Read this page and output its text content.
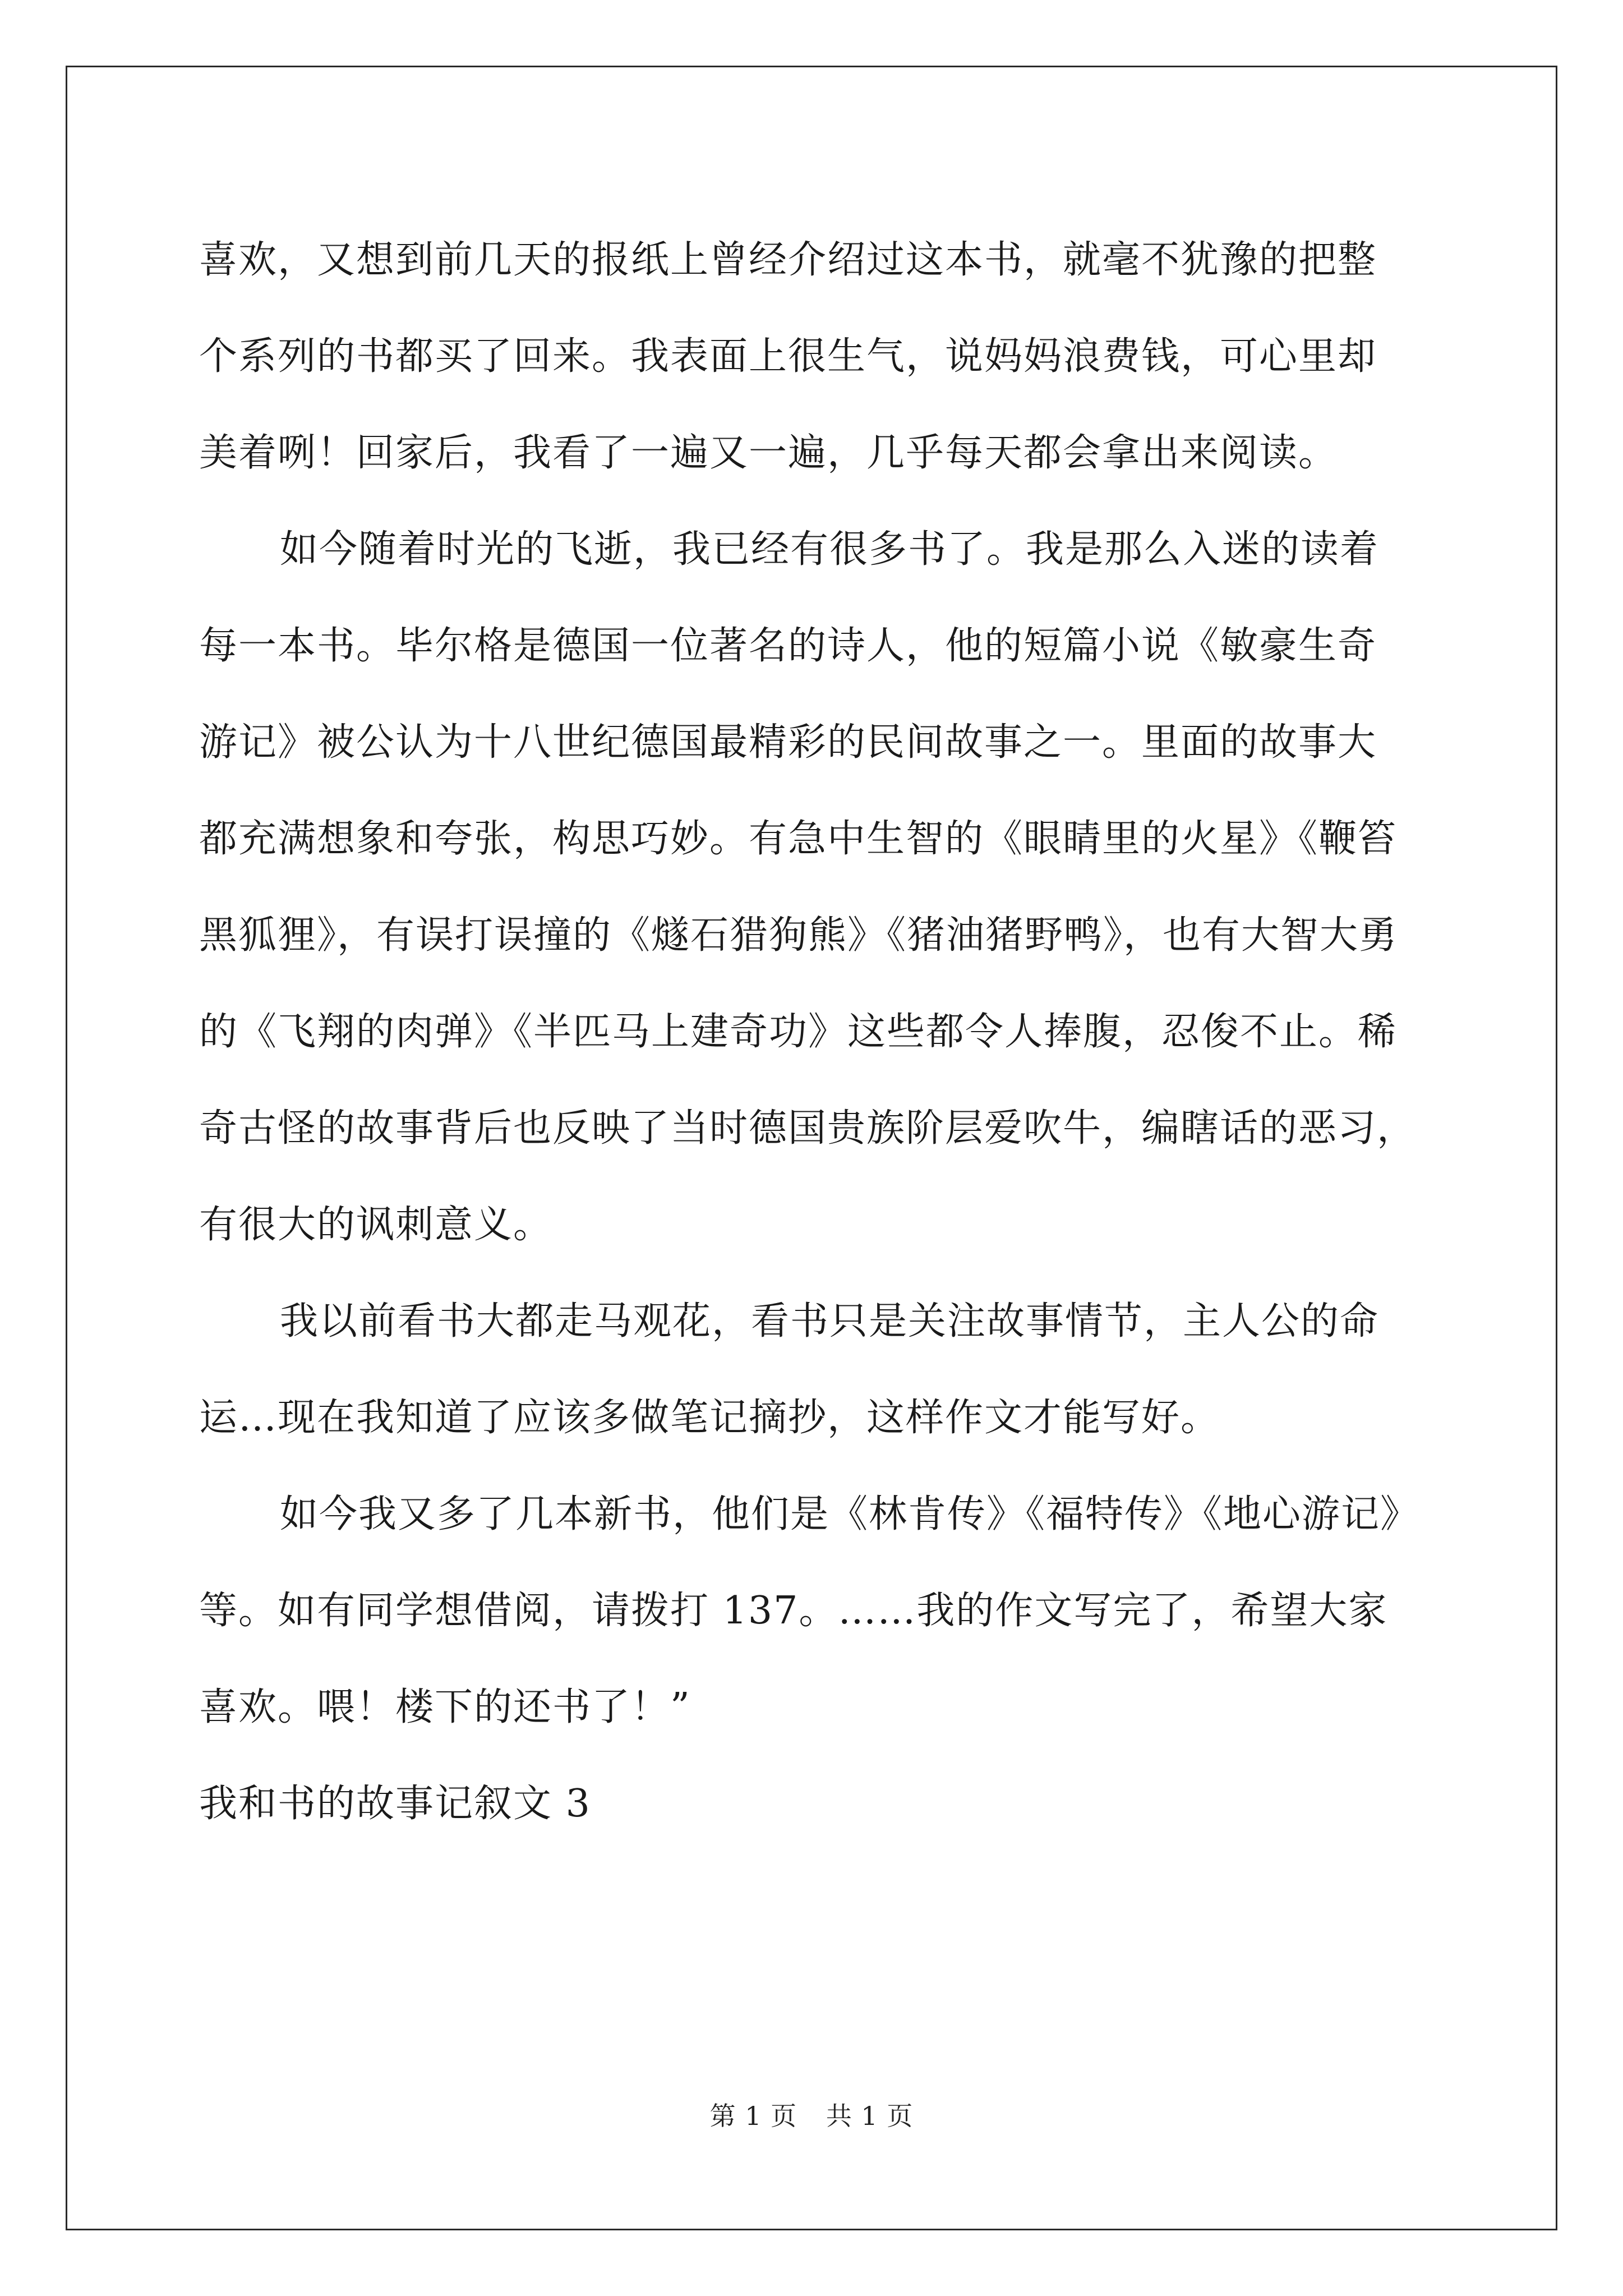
喜欢，又想到前几天的报纸上曾经介绍过这本书，就毫不犹豫的把整
个系列的书都买了回来。我表面上很生气，说妈妈浪费钱，可心里却
美着咧！回家后，我看了一遍又一遍，几乎每天都会拿出来阅读。

如今随着时光的飞逝，我已经有很多书了。我是那么入迷的读着
每一本书。毕尔格是德国一位著名的诗人，他的短篇小说《敏豪生奇
游记》被公认为十八世纪德国最精彩的民间故事之一。里面的故事大
都充满想象和夸张，构思巧妙。有急中生智的《眼睛里的火星》《鞭笞
黑狐狸》，有误打误撞的《燧石猎狗熊》《猪油猪野鸭》，也有大智大勇
的《飞翔的肉弹》《半匹马上建奇功》这些都令人捧腹，忍俊不止。稀
奇古怪的故事背后也反映了当时德国贵族阶层爱吹牛，编瞎话的恶习，
有很大的讽刺意义。

我以前看书大都走马观花，看书只是关注故事情节，主人公的命
运…现在我知道了应该多做笔记摘抄，这样作文才能写好。

如今我又多了几本新书，他们是《林肯传》《福特传》《地心游记》
等。如有同学想借阅，请拨打 137。……我的作文写完了，希望大家
喜欢。喂！楼下的还书了！”

我和书的故事记叙文 3

第 1 页 共 1 页
